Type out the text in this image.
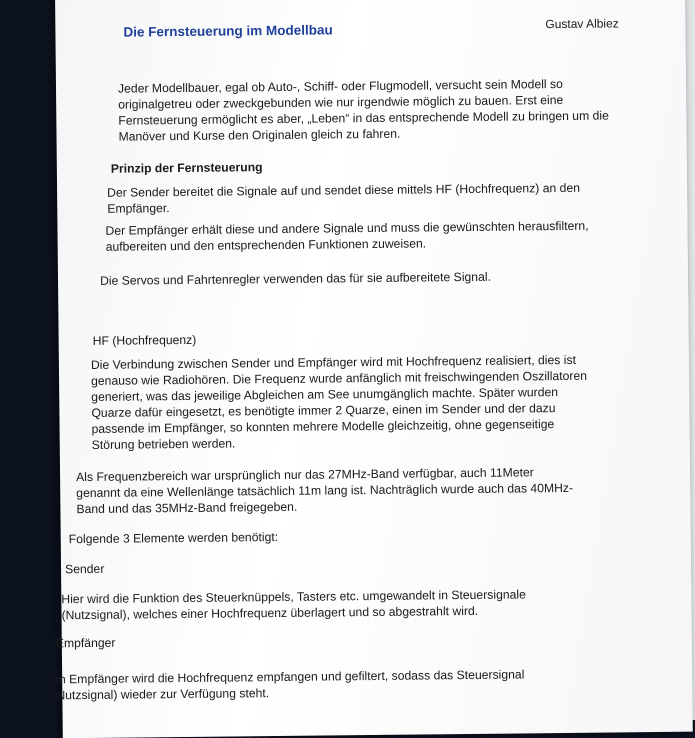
Die Fernsteuerung im Modellbau	Gustav Albiez
Jeder Modellbauer, egal ob Auto-, Schiff- oder Flugmodell, versucht sein Modell so
originalgetreu oder zweckgebunden wie nur irgendwie möglich zu bauen. Erst eine
Fernsteuerung ermöglicht es aber, „Leben“ in das entsprechende Modell zu bringen um die
Manöver und Kurse den Originalen gleich zu fahren.
Prinzip der Fernsteuerung
Der Sender bereitet die Signale auf und sendet diese mittels HF (Hochfrequenz) an den
Empfänger.
Der Empfänger erhält diese und andere Signale und muss die gewünschten herausfiltern,
aufbereiten und den entsprechenden Funktionen zuweisen.
Die Servos und Fahrtenregler verwenden das für sie aufbereitete Signal.
HF (Hochfrequenz)
Die Verbindung zwischen Sender und Empfänger wird mit Hochfrequenz realisiert, dies ist
genauso wie Radiohören. Die Frequenz wurde anfänglich mit freischwingenden Oszillatoren
generiert, was das jeweilige Abgleichen am See unumgänglich machte. Später wurden
Quarze dafür eingesetzt, es benötigte immer 2 Quarze, einen im Sender und der dazu
passende im Empfänger, so konnten mehrere Modelle gleichzeitig, ohne gegenseitige
Störung betrieben werden.
Als Frequenzbereich war ursprünglich nur das 27MHz-Band verfügbar, auch 11Meter
genannt da eine Wellenlänge tatsächlich 11m lang ist. Nachträglich wurde auch das 40MHz-
Band und das 35MHz-Band freigegeben.
Folgende 3 Elemente werden benötigt:
Sender
Hier wird die Funktion des Steuerknüppels, Tasters etc. umgewandelt in Steuersignale
(Nutzsignal), welches einer Hochfrequenz überlagert und so abgestrahlt wird.
Empfänger
Im Empfänger wird die Hochfrequenz empfangen und gefiltert, sodass das Steuersignal
(Nutzsignal) wieder zur Verfügung steht.
